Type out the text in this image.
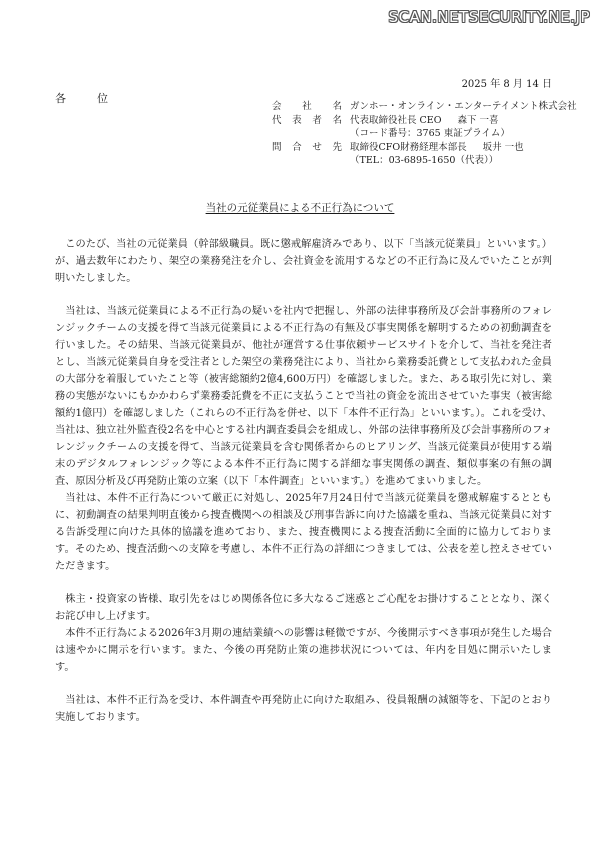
SCAN.NETSECURITY.NE.JP
2025 年 8 月 14 日
各　位
会 社 名 ガンホー・オンライン・エンターテイメント株式会社
代 表 者 名 代表取締役社長 CEO 森下 一喜
（コード番号：3765 東証プライム）
問 合 せ 先 取締役CFO財務経理本部長 坂井 一也
（TEL：03-6895-1650（代表））
当社の元従業員による不正行為について

このたび、当社の元従業員（幹部級職員。既に懲戒解雇済みであり、以下「当該元従業員」といいます。）が、過去数年にわたり、架空の業務発注を介し、会社資金を流用するなどの不正行為に及んでいたことが判明いたしました。

当社は、当該元従業員による不正行為の疑いを社内で把握し、外部の法律事務所及び会計事務所のフォレンジックチームの支援を得て当該元従業員による不正行為の有無及び事実関係を解明するための初動調査を行いました。その結果、当該元従業員が、他社が運営する仕事依頼サービスサイトを介して、当社を発注者とし、当該元従業員自身を受注者とした架空の業務発注により、当社から業務委託費として支払われた金員の大部分を着服していたこと等（被害総額約2億4,600万円）を確認しました。また、ある取引先に対し、業務の実態がないにもかかわらず業務委託費を不正に支払うことで当社の資金を流出させていた事実（被害総額約1億円）を確認しました（これらの不正行為を併せ、以下「本件不正行為」といいます。）。これを受け、当社は、独立社外監査役2名を中心とする社内調査委員会を組成し、外部の法律事務所及び会計事務所のフォレンジックチームの支援を得て、当該元従業員を含む関係者からのヒアリング、当該元従業員が使用する端末のデジタルフォレンジック等による本件不正行為に関する詳細な事実関係の調査、類似事案の有無の調査、原因分析及び再発防止策の立案（以下「本件調査」といいます。）を進めてまいりました。

当社は、本件不正行為について厳正に対処し、2025年7月24日付で当該元従業員を懲戒解雇するとともに、初動調査の結果判明直後から捜査機関への相談及び刑事告訴に向けた協議を重ね、当該元従業員に対する告訴受理に向けた具体的協議を進めており、また、捜査機関による捜査活動に全面的に協力しております。そのため、捜査活動への支障を考慮し、本件不正行為の詳細につきましては、公表を差し控えさせていただきます。

株主・投資家の皆様、取引先をはじめ関係各位に多大なるご迷惑とご心配をお掛けすることとなり、深くお詫び申し上げます。

本件不正行為による2026年3月期の連結業績への影響は軽微ですが、今後開示すべき事項が発生した場合は速やかに開示を行います。また、今後の再発防止策の進捗状況については、年内を目処に開示いたします。

当社は、本件不正行為を受け、本件調査や再発防止に向けた取組み、役員報酬の減額等を、下記のとおり実施しております。
